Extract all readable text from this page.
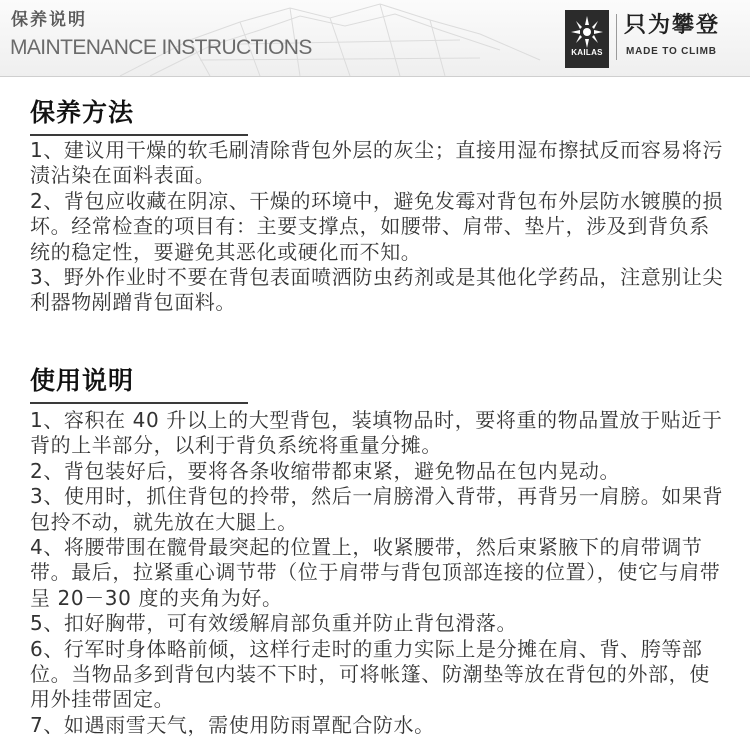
保养说明
MAINTENANCE INSTRUCTIONS	KAILAS
只为攀登
MADE TO CLIMB
保养方法

1、建议用干燥的软毛刷清除背包外层的灰尘；直接用湿布擦拭反而容易将污渍沾染在面料表面。

2、背包应收藏在阴凉、干燥的环境中，避免发霉对背包布外层防水镀膜的损坏。经常检查的项目有：主要支撑点，如腰带、肩带、垫片，涉及到背负系统的稳定性，要避免其恶化或硬化而不知。

3、野外作业时不要在背包表面喷洒防虫药剂或是其他化学药品，注意别让尖利器物剐蹭背包面料。

使用说明

1、容积在 40 升以上的大型背包，装填物品时，要将重的物品置放于贴近于背的上半部分，以利于背负系统将重量分摊。

2、背包装好后，要将各条收缩带都束紧，避免物品在包内晃动。

3、使用时，抓住背包的拎带，然后一肩膀滑入背带，再背另一肩膀。如果背包拎不动，就先放在大腿上。

4、将腰带围在髋骨最突起的位置上，收紧腰带，然后束紧腋下的肩带调节带。最后，拉紧重心调节带（位于肩带与背包顶部连接的位置），使它与肩带呈 20－30 度的夹角为好。

5、扣好胸带，可有效缓解肩部负重并防止背包滑落。

6、行军时身体略前倾，这样行走时的重力实际上是分摊在肩、背、胯等部位。当物品多到背包内装不下时，可将帐篷、防潮垫等放在背包的外部，使用外挂带固定。

7、如遇雨雪天气，需使用防雨罩配合防水。
